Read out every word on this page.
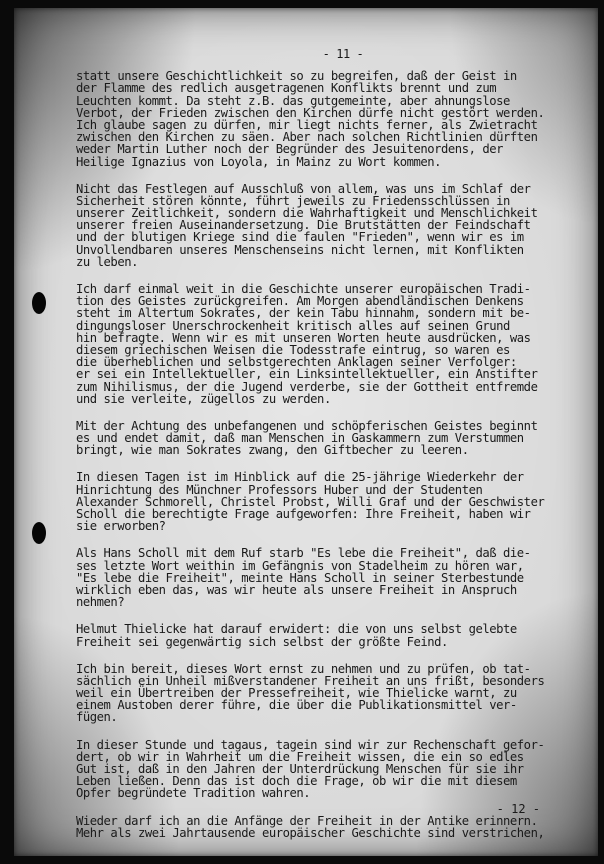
- 11 -
statt unsere Geschichtlichkeit so zu begreifen, daß der Geist in
der Flamme des redlich ausgetragenen Konflikts brennt und zum
Leuchten kommt. Da steht z.B. das gutgemeinte, aber ahnungslose
Verbot, der Frieden zwischen den Kirchen dürfe nicht gestört werden.
Ich glaube sagen zu dürfen, mir liegt nichts ferner, als Zwietracht
zwischen den Kirchen zu säen. Aber nach solchen Richtlinien dürften
weder Martin Luther noch der Begründer des Jesuitenordens, der
Heilige Ignazius von Loyola, in Mainz zu Wort kommen.
Nicht das Festlegen auf Ausschluß von allem, was uns im Schlaf der
Sicherheit stören könnte, führt jeweils zu Friedensschlüssen in
unserer Zeitlichkeit, sondern die Wahrhaftigkeit und Menschlichkeit
unserer freien Auseinandersetzung. Die Brutstätten der Feindschaft
und der blutigen Kriege sind die faulen "Frieden", wenn wir es im
Unvollendbaren unseres Menschenseins nicht lernen, mit Konflikten
zu leben.
Ich darf einmal weit in die Geschichte unserer europäischen Tradi-
tion des Geistes zurückgreifen. Am Morgen abendländischen Denkens
steht im Altertum Sokrates, der kein Tabu hinnahm, sondern mit be-
dingungsloser Unerschrockenheit kritisch alles auf seinen Grund
hin befragte. Wenn wir es mit unseren Worten heute ausdrücken, was
diesem griechischen Weisen die Todesstrafe eintrug, so waren es
die überheblichen und selbstgerechten Anklagen seiner Verfolger:
er sei ein Intellektueller, ein Linksintellektueller, ein Anstifter
zum Nihilismus, der die Jugend verderbe, sie der Gottheit entfremde
und sie verleite, zügellos zu werden.
Mit der Achtung des unbefangenen und schöpferischen Geistes beginnt
es und endet damit, daß man Menschen in Gaskammern zum Verstummen
bringt, wie man Sokrates zwang, den Giftbecher zu leeren.
In diesen Tagen ist im Hinblick auf die 25-jährige Wiederkehr der
Hinrichtung des Münchner Professors Huber und der Studenten
Alexander Schmorell, Christel Probst, Willi Graf und der Geschwister
Scholl die berechtigte Frage aufgeworfen: Ihre Freiheit, haben wir
sie erworben?
Als Hans Scholl mit dem Ruf starb "Es lebe die Freiheit", daß die-
ses letzte Wort weithin im Gefängnis von Stadelheim zu hören war,
"Es lebe die Freiheit", meinte Hans Scholl in seiner Sterbestunde
wirklich eben das, was wir heute als unsere Freiheit in Anspruch
nehmen?
Helmut Thielicke hat darauf erwidert: die von uns selbst gelebte
Freiheit sei gegenwärtig sich selbst der größte Feind.
Ich bin bereit, dieses Wort ernst zu nehmen und zu prüfen, ob tat-
sächlich ein Unheil mißverstandener Freiheit an uns frißt, besonders
weil ein Übertreiben der Pressefreiheit, wie Thielicke warnt, zu
einem Austoben derer führe, die über die Publikationsmittel ver-
fügen.
In dieser Stunde und tagaus, tagein sind wir zur Rechenschaft gefor-
dert, ob wir in Wahrheit um die Freiheit wissen, die ein so edles
Gut ist, daß in den Jahren der Unterdrückung Menschen für sie ihr
Leben ließen. Denn das ist doch die Frage, ob wir die mit diesem
Opfer begründete Tradition wahren.
Wieder darf ich an die Anfänge der Freiheit in der Antike erinnern.
Mehr als zwei Jahrtausende europäischer Geschichte sind verstrichen,
- 12 -
